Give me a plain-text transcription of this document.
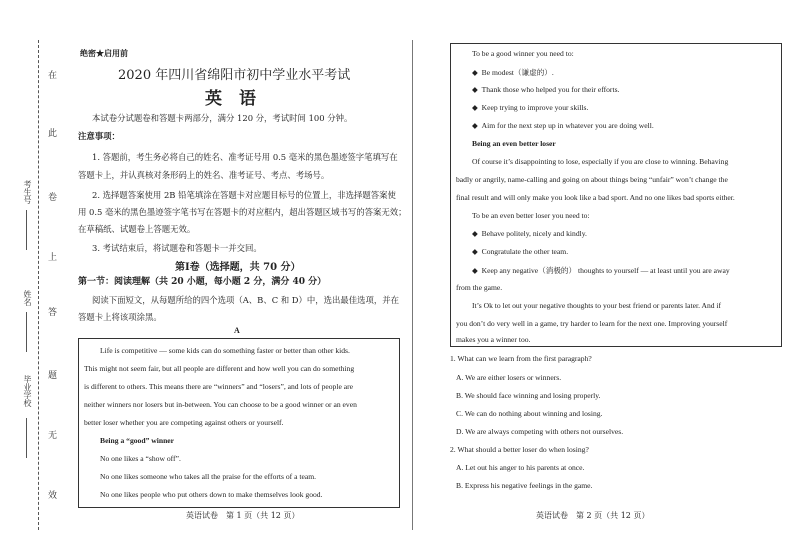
在
此
卷
上
答
题
无
效
考生号
姓名
毕业学校
绝密★启用前
2020 年四川省绵阳市初中学业水平考试
英　语
本试卷分试题卷和答题卡两部分，满分 120 分，考试时间 100 分钟。
注意事项：
1. 答题前，考生务必将自己的姓名、准考证号用 0.5 毫米的黑色墨迹签字笔填写在
答题卡上，并认真核对条形码上的姓名、准考证号、考点、考场号。
2. 选择题答案使用 2B 铅笔填涂在答题卡对应题目标号的位置上，非选择题答案使
用 0.5 毫米的黑色墨迹签字笔书写在答题卡的对应框内，超出答题区域书写的答案无效；
在草稿纸、试题卷上答题无效。
3. 考试结束后，将试题卷和答题卡一并交回。
第Ⅰ卷（选择题，共 70 分）
第一节：阅读理解（共 20 小题，每小题 2 分，满分 40 分）
阅读下面短文，从每题所给的四个选项（A、B、C 和 D）中，选出最佳选项，并在
答题卡上将该项涂黑。
A
Life is competitive — some kids can do something faster or better than other kids.
This might not seem fair, but all people are different and how well you can do something
is different to others. This means there are “winners” and “losers”, and lots of people are
neither winners nor losers but in-between. You can choose to be a good winner or an even
better loser whether you are competing against others or yourself.
Being a “good” winner
No one likes a “show off”.
No one likes someone who takes all the praise for the efforts of a team.
No one likes people who put others down to make themselves look good.
英语试卷　第 1 页（共 12 页）
To be a good winner you need to:
◆ Be modest（谦虚的）.
◆ Thank those who helped you for their efforts.
◆ Keep trying to improve your skills.
◆ Aim for the next step up in whatever you are doing well.
Being an even better loser
Of course it’s disappointing to lose, especially if you are close to winning. Behaving
badly or angrily, name-calling and going on about things being “unfair” won’t change the
final result and will only make you look like a bad sport. And no one likes bad sports either.
To be an even better loser you need to:
◆ Behave politely, nicely and kindly.
◆ Congratulate the other team.
◆ Keep any negative（消极的） thoughts to yourself — at least until you are away
from the game.
It’s Ok to let out your negative thoughts to your best friend or parents later. And if
you don’t do very well in a game, try harder to learn for the next one. Improving yourself
makes you a winner too.
1. What can we learn from the first paragraph?
A. We are either losers or winners.
B. We should face winning and losing properly.
C. We can do nothing about winning and losing.
D. We are always competing with others not ourselves.
2. What should a better loser do when losing?
A. Let out his anger to his parents at once.
B. Express his negative feelings in the game.
英语试卷　第 2 页（共 12 页）
